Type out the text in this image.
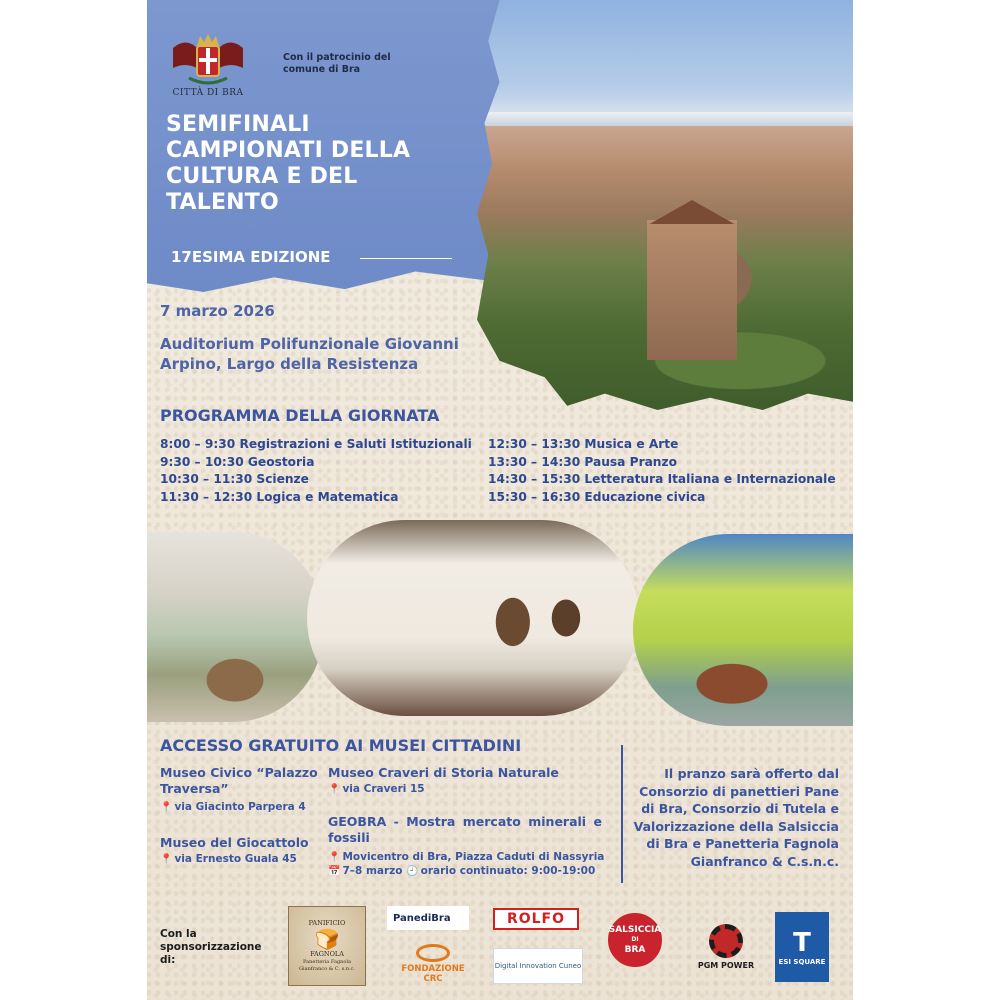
CITTÀ DI BRA
Con il patrocinio del comune di Bra
SEMIFINALI CAMPIONATI DELLA CULTURA E DEL TALENTO
17ESIMA EDIZIONE
7 marzo 2026
Auditorium Polifunzionale Giovanni Arpino, Largo della Resistenza
PROGRAMMA DELLA GIORNATA
8:00 – 9:30 Registrazioni e Saluti Istituzionali
9:30 – 10:30 Geostoria
10:30 – 11:30 Scienze
11:30 – 12:30 Logica e Matematica
12:30 – 13:30 Musica e Arte
13:30 – 14:30 Pausa Pranzo
14:30 – 15:30 Letteratura Italiana e Internazionale
15:30 – 16:30 Educazione civica
ACCESSO GRATUITO AI MUSEI CITTADINI
Museo Civico “Palazzo Traversa”
📍 via Giacinto Parpera 4
Museo del Giocattolo
📍 via Ernesto Guala 45
Museo Craveri di Storia Naturale
📍 via Craveri 15
GEOBRA - Mostra mercato minerali e fossili
📍 Movicentro di Bra, Piazza Caduti di Nassyria
📅 7–8 marzo 🕘 orario continuato: 9:00-19:00
Il pranzo sarà offerto dal Consorzio di panettieri Pane di Bra, Consorzio di Tutela e Valorizzazione della Salsiccia di Bra e Panetteria Fagnola Gianfranco & C.s.n.c.
Con la sponsorizzazione di:
PANIFICIO
🍞
FAGNOLA
Panetteria Fagnola Gianfranco & C. s.n.c.
PanediBra	ROLFO
FONDAZIONE CRC
Digital Innovation Cuneo
SALSICCIA
DI
BRA
PGM POWER
T
ESI SQUARE
